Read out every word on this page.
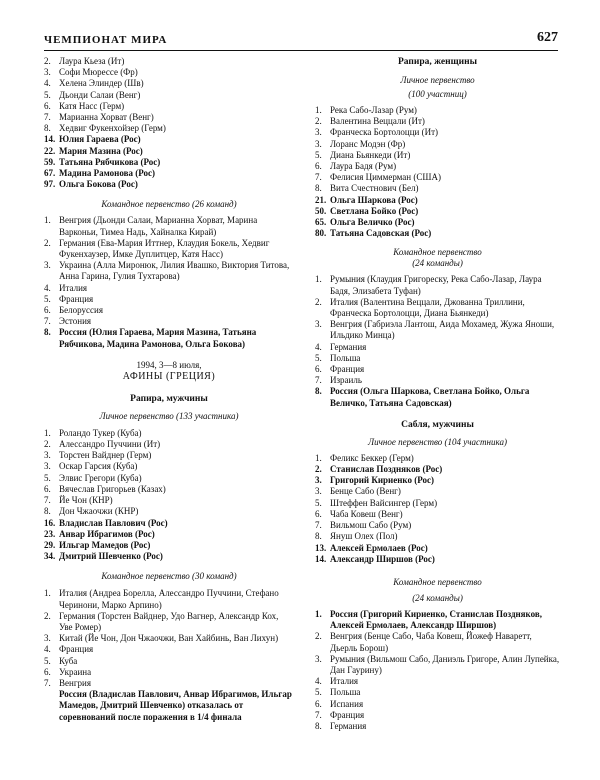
ЧЕМПИОНАТ МИРА	627
2. Лаура Кьеза (Ит)
3. Софи Мюрессе (Фр)
4. Хелена Элиндер (Шв)
5. Дьонди Салаи (Венг)
6. Катя Насс (Герм)
7. Марианна Хорват (Венг)
8. Хедвиг Фукенхойзер (Герм)
14. Юлия Гараева (Рос)
22. Мария Мазина (Рос)
59. Татьяна Рябчикова (Рос)
67. Мадина Рамонова (Рос)
97. Ольга Бокова (Рос)
Командное первенство (26 команд)
1. Венгрия (Дьонди Салаи, Марианна Хорват, Марина Варконьи, Тимеа Надь, Хайналка Кирай)
2. Германия (Ева-Мария Иттнер, Клаудия Бокель, Хедвиг Фукенхаузер, Имке Дуплитцер, Катя Насс)
3. Украина (Алла Миронюк, Лилия Ивашко, Виктория Титова, Анна Гарина, Гулия Тухтарова)
4. Италия
5. Франция
6. Белоруссия
7. Эстония
8. Россия (Юлия Гараева, Мария Мазина, Татьяна Рябчикова, Мадина Рамонова, Ольга Бокова)
1994, 3—8 июля,
АФИНЫ (ГРЕЦИЯ)
Рапира, мужчины
Личное первенство (133 участника)
1. Роландо Тукер (Куба)
2. Алессандро Пуччини (Ит)
3. Торстен Вайднер (Герм)
3. Оскар Гарсия (Куба)
5. Элвис Грегори (Куба)
6. Вячеслав Григорьев (Казах)
7. Йе Чон (КНР)
8. Дон Чжаочжи (КНР)
16. Владислав Павлович (Рос)
23. Анвар Ибрагимов (Рос)
29. Ильгар Мамедов (Рос)
34. Дмитрий Шевченко (Рос)
Командное первенство (30 команд)
1. Италия (Андреа Борелла, Алессандро Пуччини, Стефано Черинони, Марко Арпино)
2. Германия (Торстен Вайднер, Удо Вагнер, Александр Кох, Уве Ромер)
3. Китай (Йе Чон, Дон Чжаочжи, Ван Хайбинь, Ван Лихун)
4. Франция
5. Куба
6. Украина
7. Венгрия
Россия (Владислав Павлович, Анвар Ибрагимов, Ильгар Мамедов, Дмитрий Шевченко) отказалась от соревнований после поражения в 1/4 финала
Рапира, женщины
Личное первенство
(100 участниц)
1. Река Сабо-Лазар (Рум)
2. Валентина Веццали (Ит)
3. Франческа Бортолоцци (Ит)
3. Лоранс Модэн (Фр)
5. Диана Бьянкеди (Ит)
6. Лаура Бадя (Рум)
7. Фелисия Циммерман (США)
8. Вита Счестнович (Бел)
21. Ольга Шаркова (Рос)
50. Светлана Бойко (Рос)
65. Ольга Величко (Рос)
80. Татьяна Садовская (Рос)
Командное первенство
(24 команды)
1. Румыния (Клаудия Григореску, Река Сабо-Лазар, Лаура Бадя, Элизабета Туфан)
2. Италия (Валентина Веццали, Джованна Триллини, Франческа Бортолоцци, Диана Бьянкеди)
3. Венгрия (Габриэла Лантош, Аида Мохамед, Жужа Яноши, Ильдико Минца)
4. Германия
5. Польша
6. Франция
7. Израиль
8. Россия (Ольга Шаркова, Светлана Бойко, Ольга Величко, Татьяна Садовская)
Сабля, мужчины
Личное первенство (104 участника)
1. Феликс Беккер (Герм)
2. Станислав Поздняков (Рос)
3. Григорий Кириенко (Рос)
3. Бенце Сабо (Венг)
5. Штеффен Вайсингер (Герм)
6. Чаба Ковеш (Венг)
7. Вильмош Сабо (Рум)
8. Януш Олех (Пол)
13. Алексей Ермолаев (Рос)
14. Александр Ширшов (Рос)
Командное первенство
(24 команды)
1. Россия (Григорий Кириенко, Станислав Поздняков, Алексей Ермолаев, Александр Ширшов)
2. Венгрия (Бенце Сабо, Чаба Ковеш, Йожеф Наваретт, Дьерль Борош)
3. Румыния (Вильмош Сабо, Даниэль Григоре, Алин Лупейка, Дан Гаурину)
4. Италия
5. Польша
6. Испания
7. Франция
8. Германия
